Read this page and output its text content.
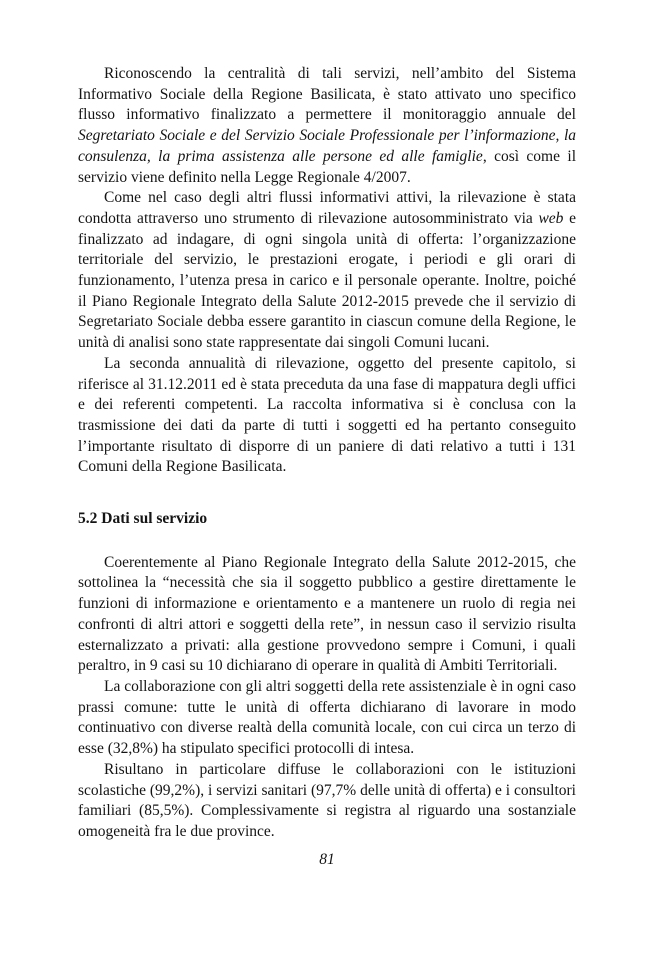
Riconoscendo la centralità di tali servizi, nell’ambito del Sistema Informativo Sociale della Regione Basilicata, è stato attivato uno specifico flusso informativo finalizzato a permettere il monitoraggio annuale del Segretariato Sociale e del Servizio Sociale Professionale per l’informazione, la consulenza, la prima assistenza alle persone ed alle famiglie, così come il servizio viene definito nella Legge Regionale 4/2007.

Come nel caso degli altri flussi informativi attivi, la rilevazione è stata condotta attraverso uno strumento di rilevazione autosomministrato via web e finalizzato ad indagare, di ogni singola unità di offerta: l’organizzazione territoriale del servizio, le prestazioni erogate, i periodi e gli orari di funzionamento, l’utenza presa in carico e il personale operante. Inoltre, poiché il Piano Regionale Integrato della Salute 2012-2015 prevede che il servizio di Segretariato Sociale debba essere garantito in ciascun comune della Regione, le unità di analisi sono state rappresentate dai singoli Comuni lucani.

La seconda annualità di rilevazione, oggetto del presente capitolo, si riferisce al 31.12.2011 ed è stata preceduta da una fase di mappatura degli uffici e dei referenti competenti. La raccolta informativa si è conclusa con la trasmissione dei dati da parte di tutti i soggetti ed ha pertanto conseguito l’importante risultato di disporre di un paniere di dati relativo a tutti i 131 Comuni della Regione Basilicata.

5.2 Dati sul servizio

Coerentemente al Piano Regionale Integrato della Salute 2012-2015, che sottolinea la “necessità che sia il soggetto pubblico a gestire direttamente le funzioni di informazione e orientamento e a mantenere un ruolo di regia nei confronti di altri attori e soggetti della rete”, in nessun caso il servizio risulta esternalizzato a privati: alla gestione provvedono sempre i Comuni, i quali peraltro, in 9 casi su 10 dichiarano di operare in qualità di Ambiti Territoriali.

La collaborazione con gli altri soggetti della rete assistenziale è in ogni caso prassi comune: tutte le unità di offerta dichiarano di lavorare in modo continuativo con diverse realtà della comunità locale, con cui circa un terzo di esse (32,8%) ha stipulato specifici protocolli di intesa.

Risultano in particolare diffuse le collaborazioni con le istituzioni scolastiche (99,2%), i servizi sanitari (97,7% delle unità di offerta) e i consultori familiari (85,5%). Complessivamente si registra al riguardo una sostanziale omogeneità fra le due province.

81
